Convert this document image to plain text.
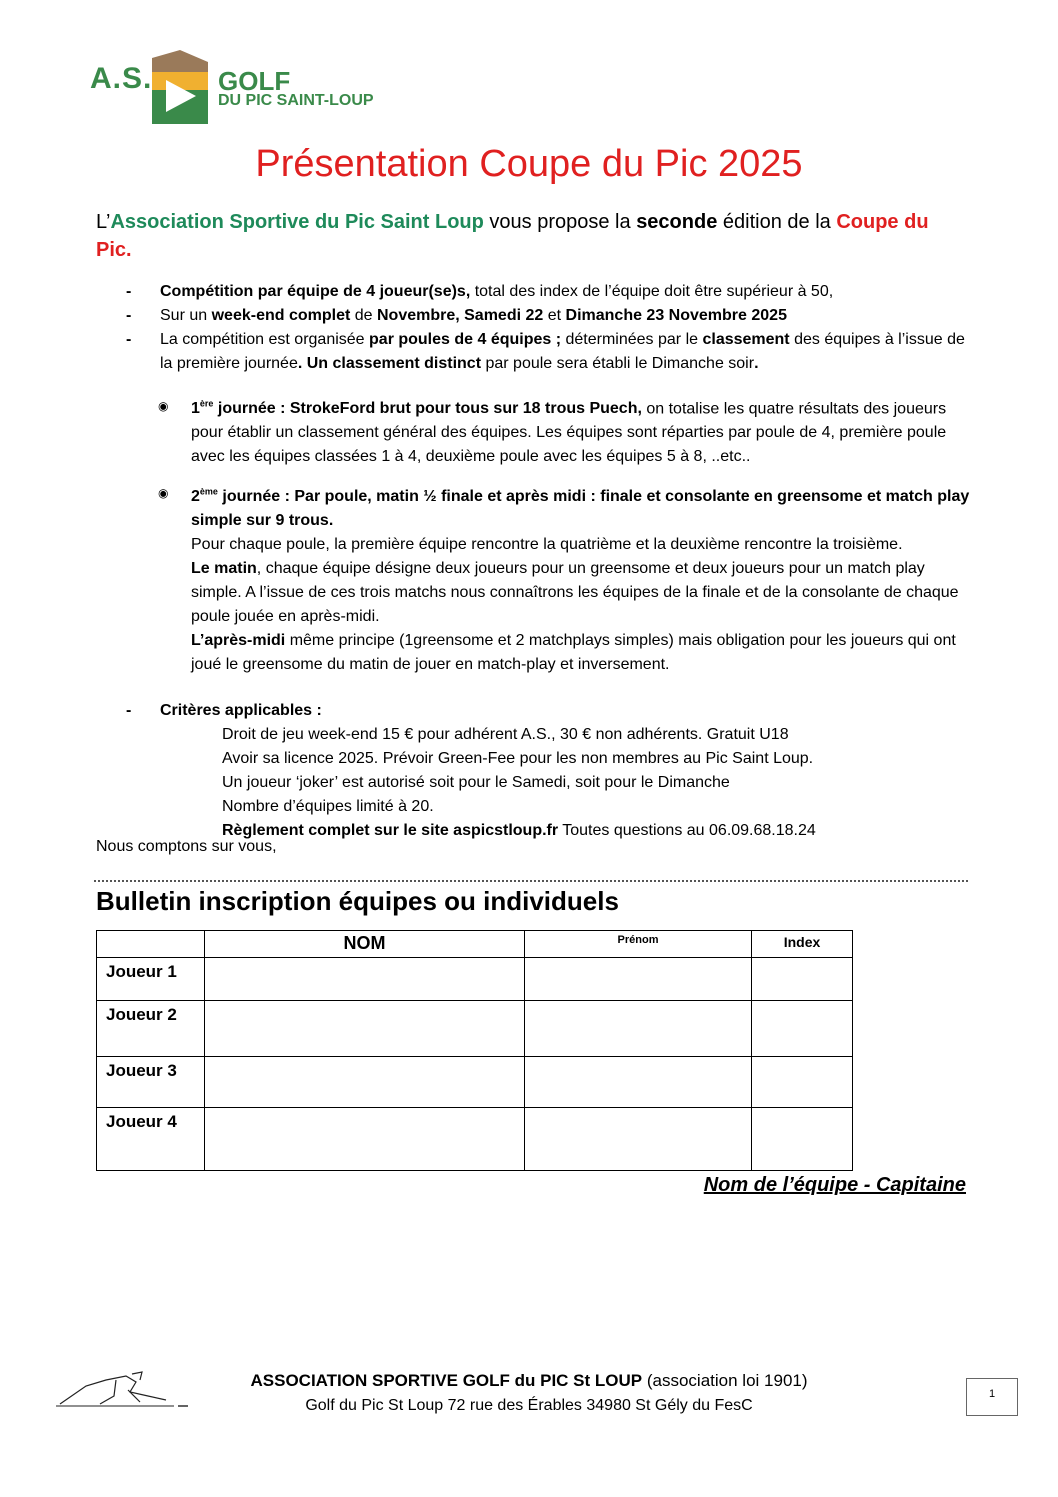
A.S.	GOLF
DU PIC SAINT-LOUP
Présentation Coupe du Pic 2025
L’Association Sportive du Pic Saint Loup vous propose la seconde édition de la Coupe du Pic.
- Compétition par équipe de 4 joueur(se)s, total des index de l’équipe doit être supérieur à 50,
- Sur un week-end complet de Novembre, Samedi 22 et Dimanche 23 Novembre 2025
- La compétition est organisée par poules de 4 équipes ; déterminées par le classement des équipes à l’issue de la première journée. Un classement distinct par poule sera établi le Dimanche soir.
◉ 1ère journée : StrokeFord brut pour tous sur 18 trous Puech, on totalise les quatre résultats des joueurs pour établir un classement général des équipes. Les équipes sont réparties par poule de 4, première poule avec les équipes classées 1 à 4, deuxième poule avec les équipes 5 à 8, ..etc..
◉ 2ème journée : Par poule, matin ½ finale et après midi : finale et consolante en greensome et match play simple sur 9 trous.
Pour chaque poule, la première équipe rencontre la quatrième et la deuxième rencontre la troisième.
Le matin, chaque équipe désigne deux joueurs pour un greensome et deux joueurs pour un match play simple. A l’issue de ces trois matchs nous connaîtrons les équipes de la finale et de la consolante de chaque poule jouée en après-midi.
L’après-midi même principe (1greensome et 2 matchplays simples) mais obligation pour les joueurs qui ont joué le greensome du matin de jouer en match-play et inversement.
- Critères applicables :
Droit de jeu week-end 15 € pour adhérent A.S., 30 € non adhérents. Gratuit U18
Avoir sa licence 2025. Prévoir Green-Fee pour les non membres au Pic Saint Loup.
Un joueur ‘joker’ est autorisé soit pour le Samedi, soit pour le Dimanche
Nombre d’équipes limité à 20.
Règlement complet sur le site aspicstloup.fr Toutes questions au 06.09.68.18.24
Nous comptons sur vous,
Bulletin inscription équipes ou individuels
	NOM	Prénom	Index
Joueur 1			
Joueur 2			
Joueur 3			
Joueur 4			
Nom de l’équipe - Capitaine
ASSOCIATION SPORTIVE GOLF du PIC St LOUP (association loi 1901)
Golf du Pic St Loup 72 rue des Érables 34980 St Gély du FesC
1
